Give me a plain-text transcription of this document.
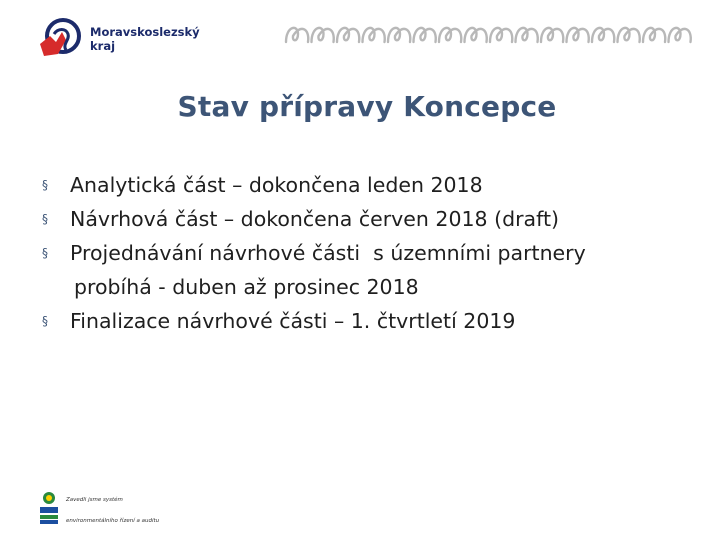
Moravskoslezský
kraj
Stav přípravy Koncepce
§	Analytická část – dokončena leden 2018
§	Návrhová část – dokončena červen 2018 (draft)
§	Projednávání návrhové části  s územními partnery
probíhá - duben až prosinec 2018
§	Finalizace návrhové části – 1. čtvrtletí 2019
Zavedli jsme systém
environmentálního řízení a auditu
